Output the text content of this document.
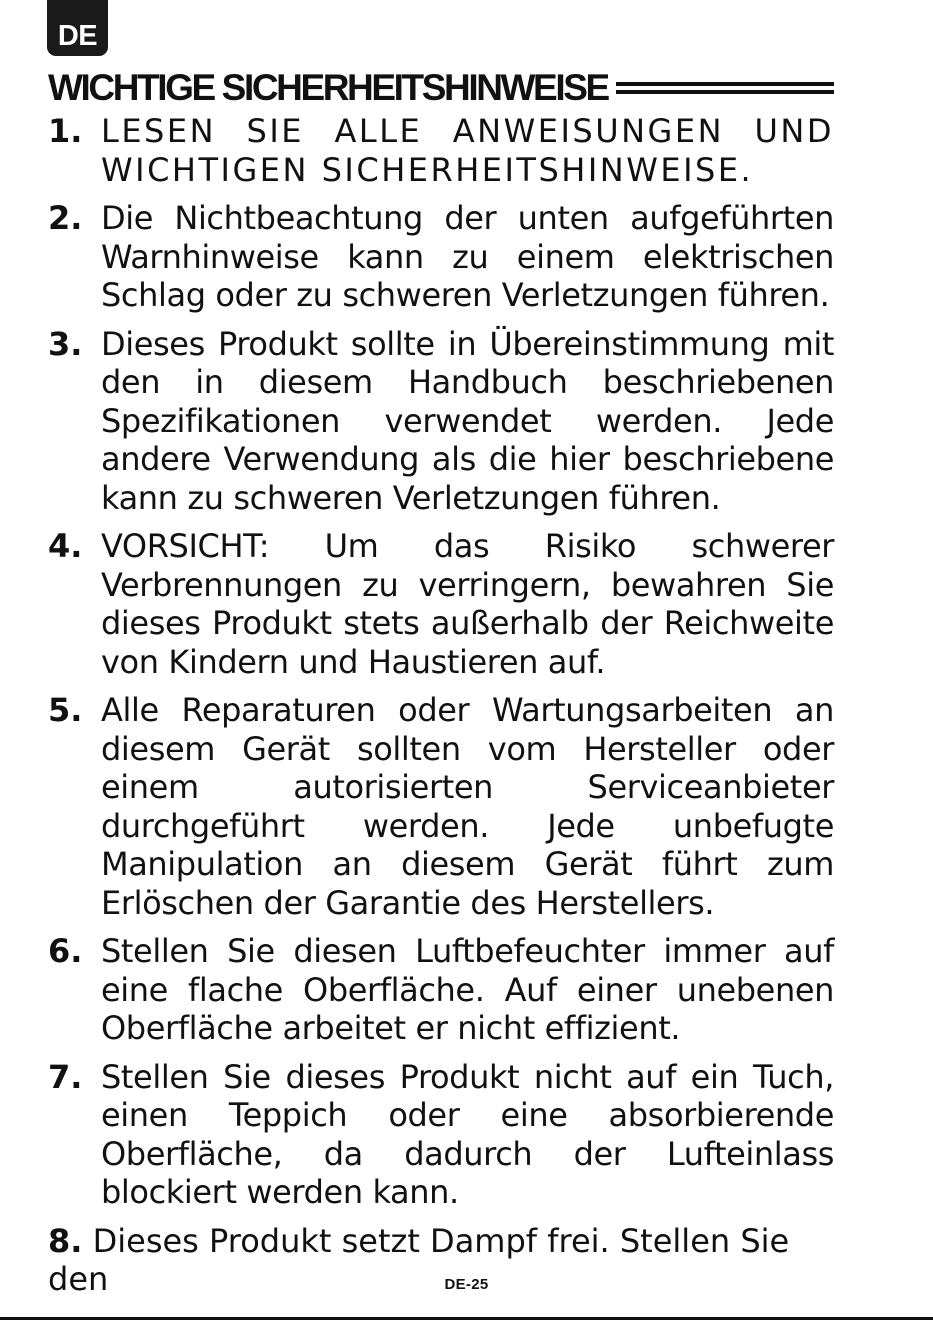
DE
WICHTIGE SICHERHEITSHINWEISE
1. LESEN SIE ALLE ANWEISUNGEN UND WICHTIGEN SICHERHEITSHINWEISE.
2. Die Nichtbeachtung der unten aufgeführten Warnhinweise kann zu einem elektrischen Schlag oder zu schweren Verletzungen führen.
3. Dieses Produkt sollte in Übereinstimmung mit den in diesem Handbuch beschriebenen Spezifikationen verwendet werden. Jede andere Verwendung als die hier beschriebene kann zu schweren Verletzungen führen.
4. VORSICHT: Um das Risiko schwerer Verbrennungen zu verringern, bewahren Sie dieses Produkt stets außerhalb der Reichweite von Kindern und Haustieren auf.
5. Alle Reparaturen oder Wartungsarbeiten an diesem Gerät sollten vom Hersteller oder einem autorisierten Serviceanbieter durchgeführt werden. Jede unbefugte Manipulation an diesem Gerät führt zum Erlöschen der Garantie des Herstellers.
6. Stellen Sie diesen Luftbefeuchter immer auf eine flache Oberfläche. Auf einer unebenen Oberfläche arbeitet er nicht effizient.
7. Stellen Sie dieses Produkt nicht auf ein Tuch, einen Teppich oder eine absorbierende Oberfläche, da dadurch der Lufteinlass blockiert werden kann.
8. Dieses Produkt setzt Dampf frei. Stellen Sie den	DE-25
